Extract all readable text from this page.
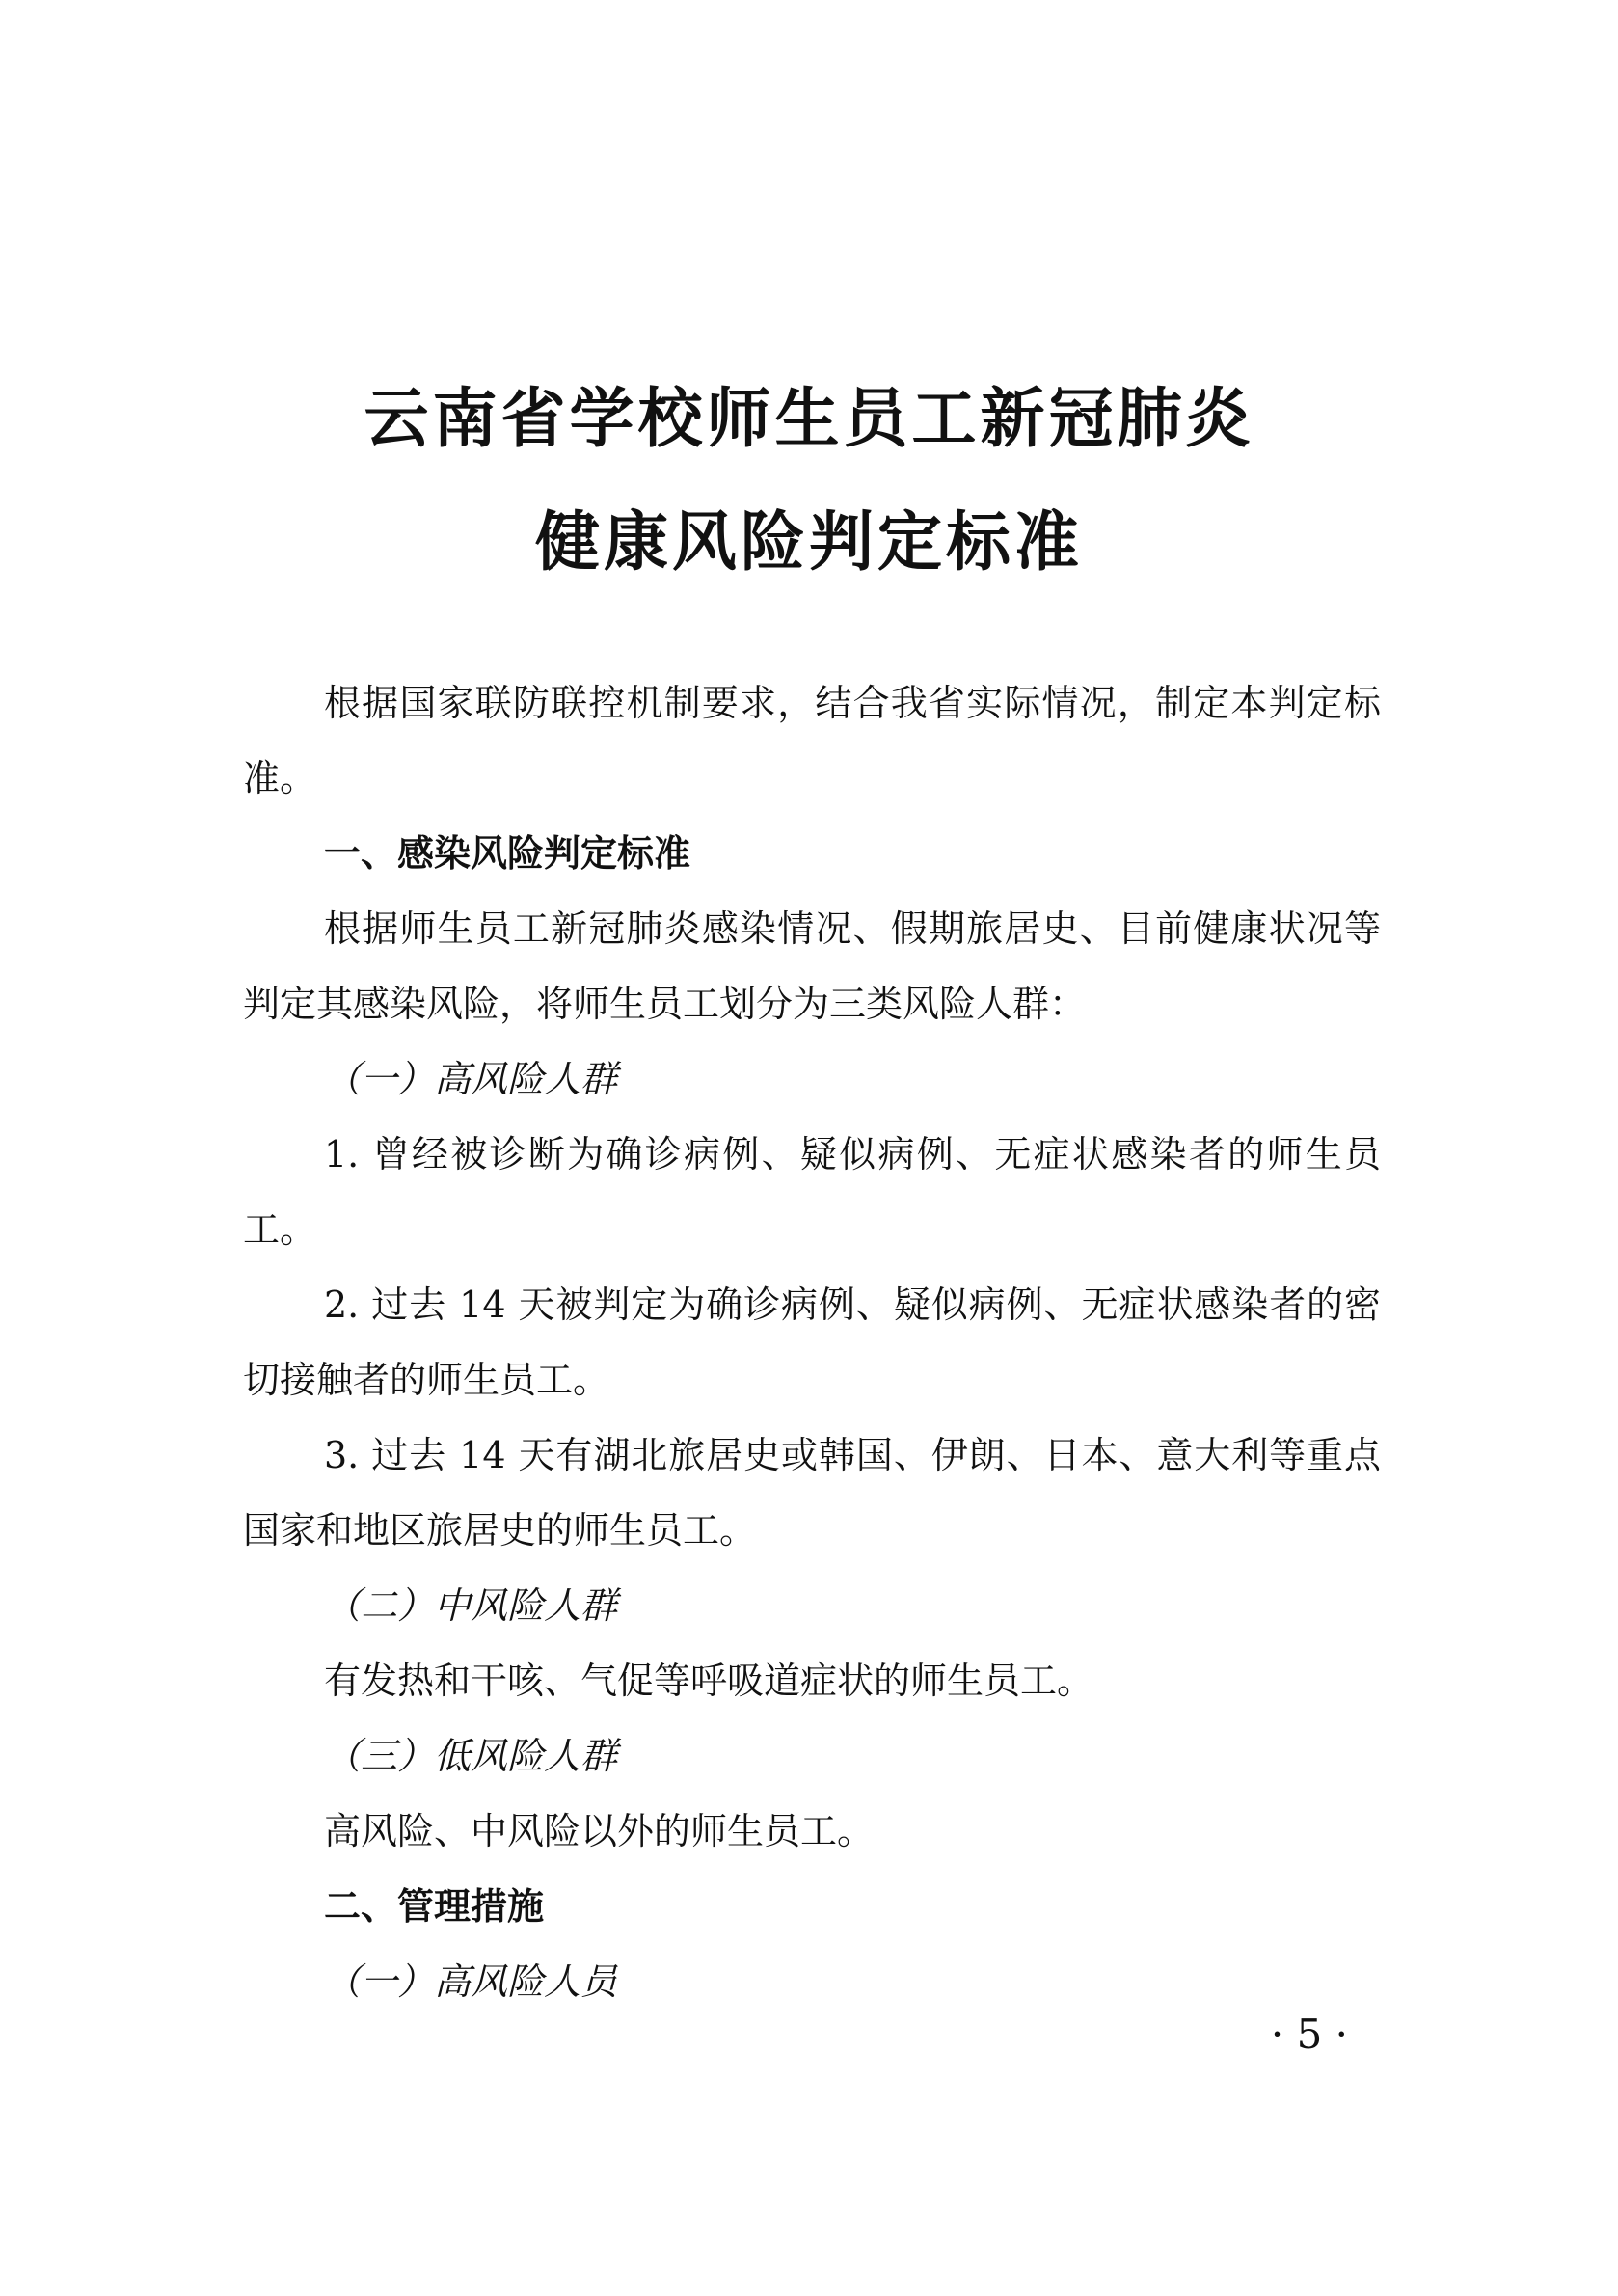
云南省学校师生员工新冠肺炎
健康风险判定标准

根据国家联防联控机制要求，结合我省实际情况，制定本判定标准。

一、感染风险判定标准

根据师生员工新冠肺炎感染情况、假期旅居史、目前健康状况等判定其感染风险，将师生员工划分为三类风险人群：

（一）高风险人群

1. 曾经被诊断为确诊病例、疑似病例、无症状感染者的师生员工。

2. 过去 14 天被判定为确诊病例、疑似病例、无症状感染者的密切接触者的师生员工。

3. 过去 14 天有湖北旅居史或韩国、伊朗、日本、意大利等重点国家和地区旅居史的师生员工。

（二）中风险人群

有发热和干咳、气促等呼吸道症状的师生员工。

（三）低风险人群

高风险、中风险以外的师生员工。

二、管理措施

（一）高风险人员

· 5 ·
